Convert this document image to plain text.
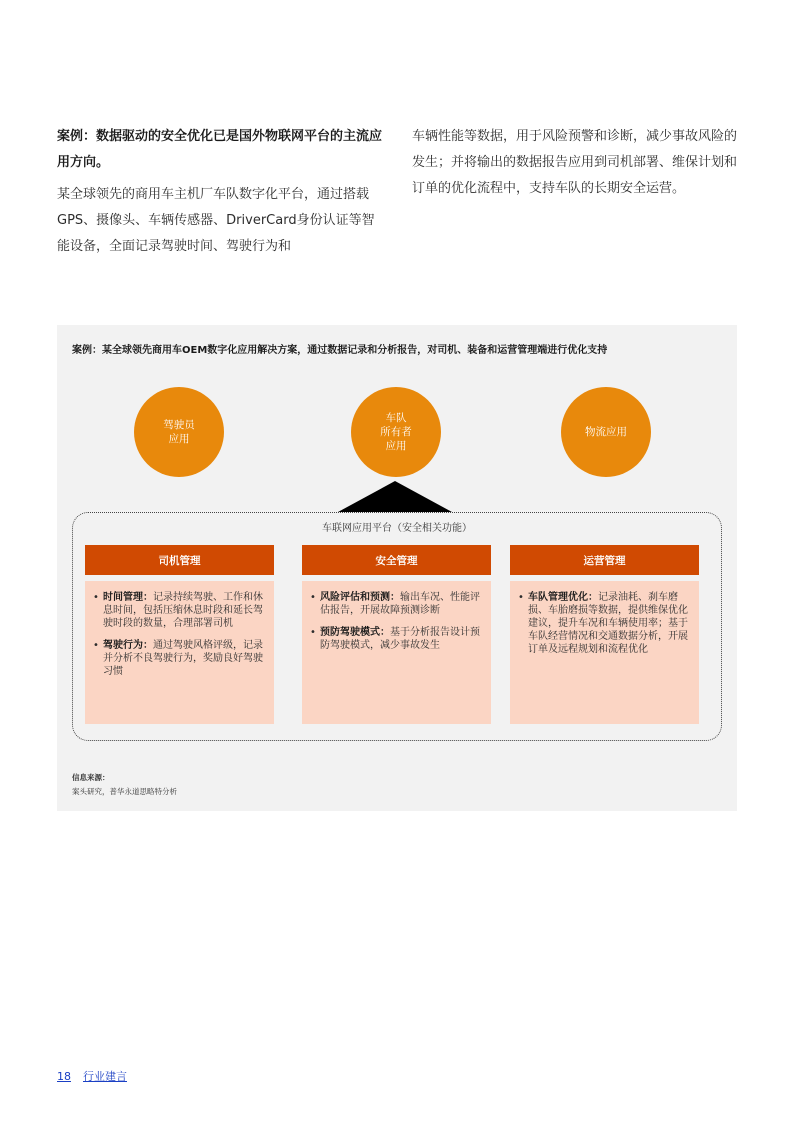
案例：数据驱动的安全优化已是国外物联网平台的主流应用方向。

某全球领先的商用车主机厂车队数字化平台，通过搭载GPS、摄像头、车辆传感器、DriverCard身份认证等智能设备，全面记录驾驶时间、驾驶行为和

车辆性能等数据，用于风险预警和诊断，减少事故风险的发生；并将输出的数据报告应用到司机部署、维保计划和订单的优化流程中，支持车队的长期安全运营。

案例：某全球领先商用车OEM数字化应用解决方案，通过数据记录和分析报告，对司机、装备和运营管理端进行优化支持
驾驶员
应用
车队
所有者
应用
物流应用
车联网应用平台（安全相关功能）
司机管理	安全管理	运营管理
• 时间管理：记录持续驾驶、工作和休息时间，包括压缩休息时段和延长驾驶时段的数量，合理部署司机
• 驾驶行为：通过驾驶风格评级，记录并分析不良驾驶行为，奖励良好驾驶习惯
• 风险评估和预测：输出车况、性能评估报告，开展故障预测诊断
• 预防驾驶模式：基于分析报告设计预防驾驶模式，减少事故发生
• 车队管理优化：记录油耗、刹车磨损、车胎磨损等数据，提供维保优化建议，提升车况和车辆使用率；基于车队经营情况和交通数据分析，开展订单及远程规划和流程优化
信息来源：
案头研究，普华永道思略特分析
18 行业建言
